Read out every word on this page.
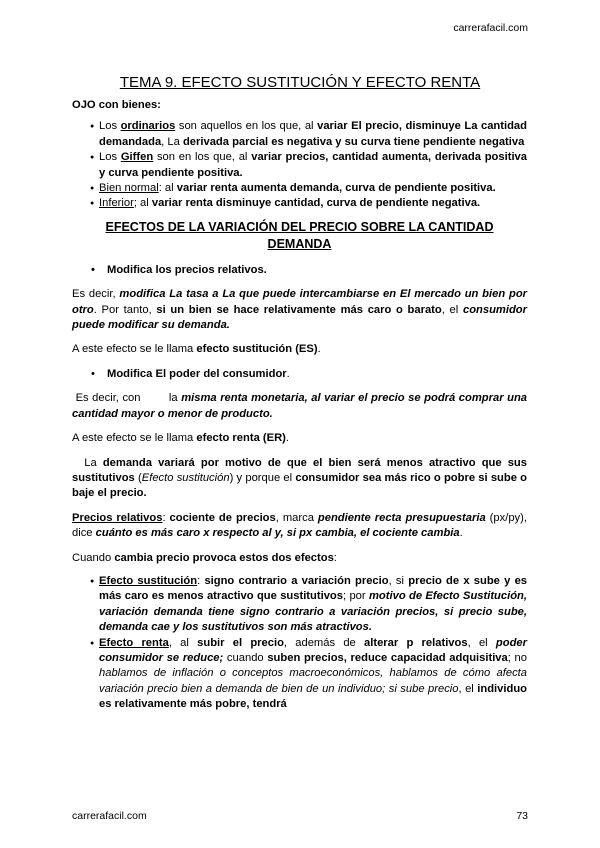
carrerafacil.com
TEMA 9. EFECTO SUSTITUCIÓN Y EFECTO RENTA

OJO con bienes:

● Los ordinarios son aquellos en los que, al variar El precio, disminuye La cantidad demandada, La derivada parcial es negativa y su curva tiene pendiente negativa
● Los Giffen son en los que, al variar precios, cantidad aumenta, derivada positiva y curva pendiente positiva.
● Bien normal: al variar renta aumenta demanda, curva de pendiente positiva.
● Inferior; al variar renta disminuye cantidad, curva de pendiente negativa.

EFECTOS DE LA VARIACIÓN DEL PRECIO SOBRE LA CANTIDAD DEMANDA

• Modifica los precios relativos.

Es decir, modifica La tasa a La que puede intercambiarse en El mercado un bien por otro. Por tanto, si un bien se hace relativamente más caro o barato, el consumidor puede modificar su demanda.

A este efecto se le llama efecto sustitución (ES).

• Modifica El poder del consumidor.

Es decir, con        la misma renta monetaria, al variar el precio se podrá comprar una cantidad mayor o menor de producto.

A este efecto se le llama efecto renta (ER).

La demanda variará por motivo de que el bien será menos atractivo que sus sustitutivos (Efecto sustitución) y porque el consumidor sea más rico o pobre si sube o baje el precio.

Precios relativos: cociente de precios, marca pendiente recta presupuestaria (px/py), dice cuánto es más caro x respecto al y, si px cambia, el cociente cambia.

Cuando cambia precio provoca estos dos efectos:

● Efecto sustitución: signo contrario a variación precio, si precio de x sube y es más caro es menos atractivo que sustitutivos; por motivo de Efecto Sustitución, variación demanda tiene signo contrario a variación precios, si precio sube, demanda cae y los sustitutivos son más atractivos.
● Efecto renta, al subir el precio, además de alterar p relativos, el poder consumidor se reduce; cuando suben precios, reduce capacidad adquisitiva; no hablamos de inflación o conceptos macroeconómicos, hablamos de cómo afecta variación precio bien a demanda de bien de un individuo; si sube precio, el individuo es relativamente más pobre, tendrá
carrerafacil.com	73
